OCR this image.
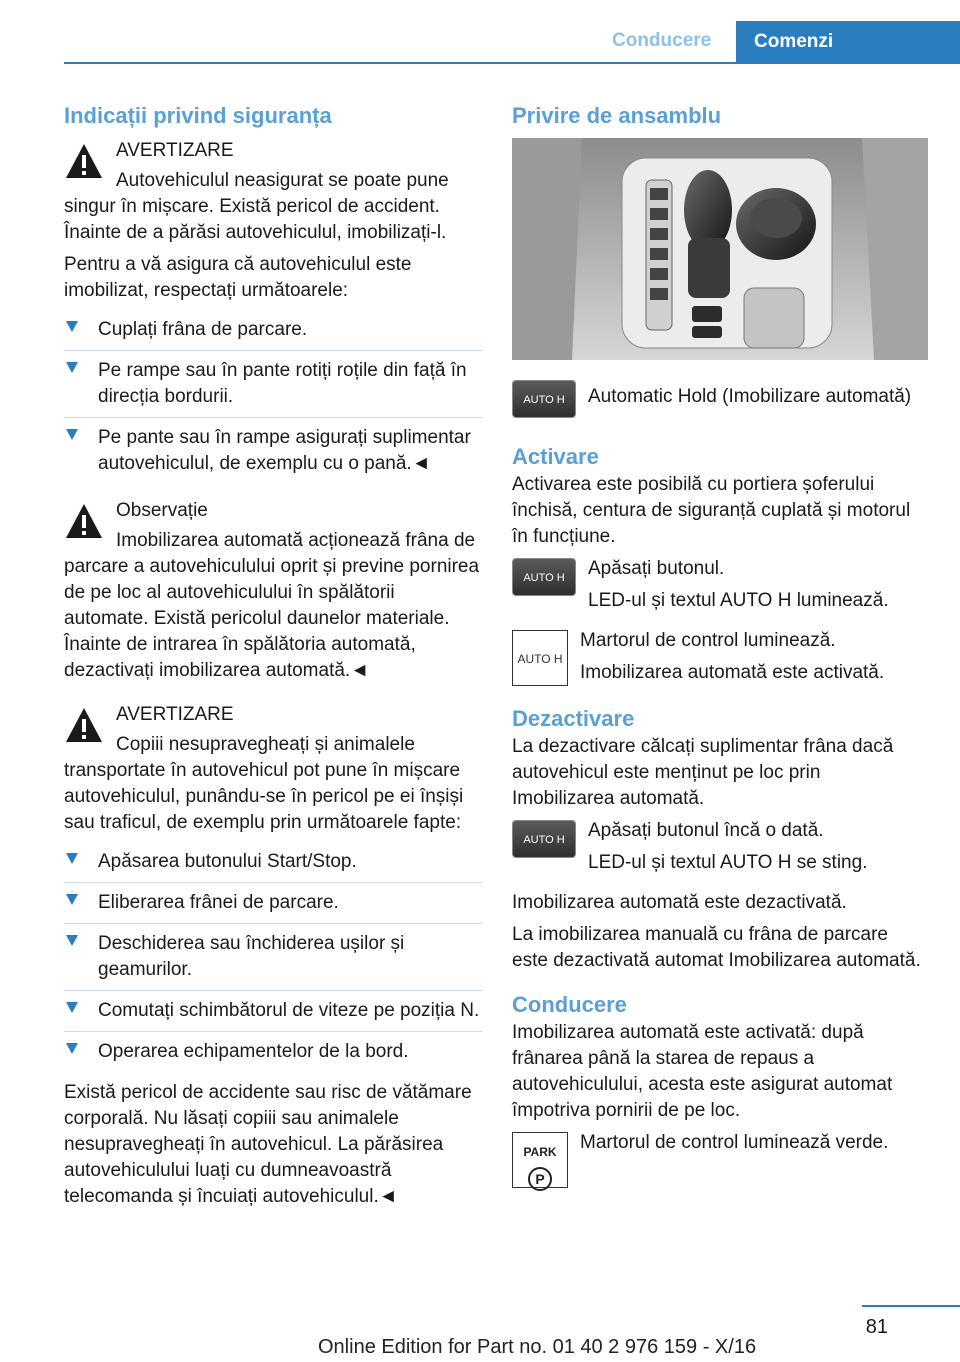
Conducere	Comenzi
Indicații privind siguranța
AVERTIZARE

Autovehiculul neasigurat se poate pune singur în mișcare. Există pericol de accident. Înainte de a părăsi autovehiculul, imobilizați-l.

Pentru a vă asigura că autovehiculul este imobilizat, respectați următoarele:

Cuplați frâna de parcare.
Pe rampe sau în pante rotiți roțile din față în direcția bordurii.
Pe pante sau în rampe asigurați suplimentar autovehiculul, de exemplu cu o pană.◄
Observație

Imobilizarea automată acționează frâna de parcare a autovehiculului oprit și previne pornirea de pe loc al autovehiculului în spălătorii automate. Există pericolul daunelor materiale. Înainte de intrarea în spălătoria automată, dezactivați imobilizarea automată.◄

AVERTIZARE

Copiii nesupravegheați și animalele transportate în autovehicul pot pune în mișcare autovehiculul, punându-se în pericol pe ei înșiși sau traficul, de exemplu prin următoarele fapte:

Apăsarea butonului Start/Stop.
Eliberarea frânei de parcare.
Deschiderea sau închiderea ușilor și geamurilor.
Comutați schimbătorul de viteze pe poziția N.
Operarea echipamentelor de la bord.

Există pericol de accidente sau risc de vătămare corporală. Nu lăsați copiii sau animalele nesupravegheați în autovehicul. La părăsirea autovehiculului luați cu dumneavoastră telecomanda și încuiați autovehiculul.◄

Privire de ansamblu
AUTO H	Automatic Hold (Imobilizare automată)

Activare

Activarea este posibilă cu portiera șoferului închisă, centura de siguranță cuplată și motorul în funcțiune.

AUTO H	Apăsați butonul.

LED-ul și textul AUTO H luminează.

AUTO H

Martorul de control luminează.

Imobilizarea automată este activată.

Dezactivare

La dezactivare călcați suplimentar frâna dacă autovehicul este menținut pe loc prin Imobilizarea automată.

AUTO H	Apăsați butonul încă o dată.

LED-ul și textul AUTO H se sting.

Imobilizarea automată este dezactivată.

La imobilizarea manuală cu frâna de parcare este dezactivată automat Imobilizarea automată.

Conducere

Imobilizarea automată este activată: după frânarea până la starea de repaus a autovehiculului, acesta este asigurat automat împotriva pornirii de pe loc.

PARK
P

Martorul de control luminează verde.

81
Online Edition for Part no. 01 40 2 976 159 - X/16
